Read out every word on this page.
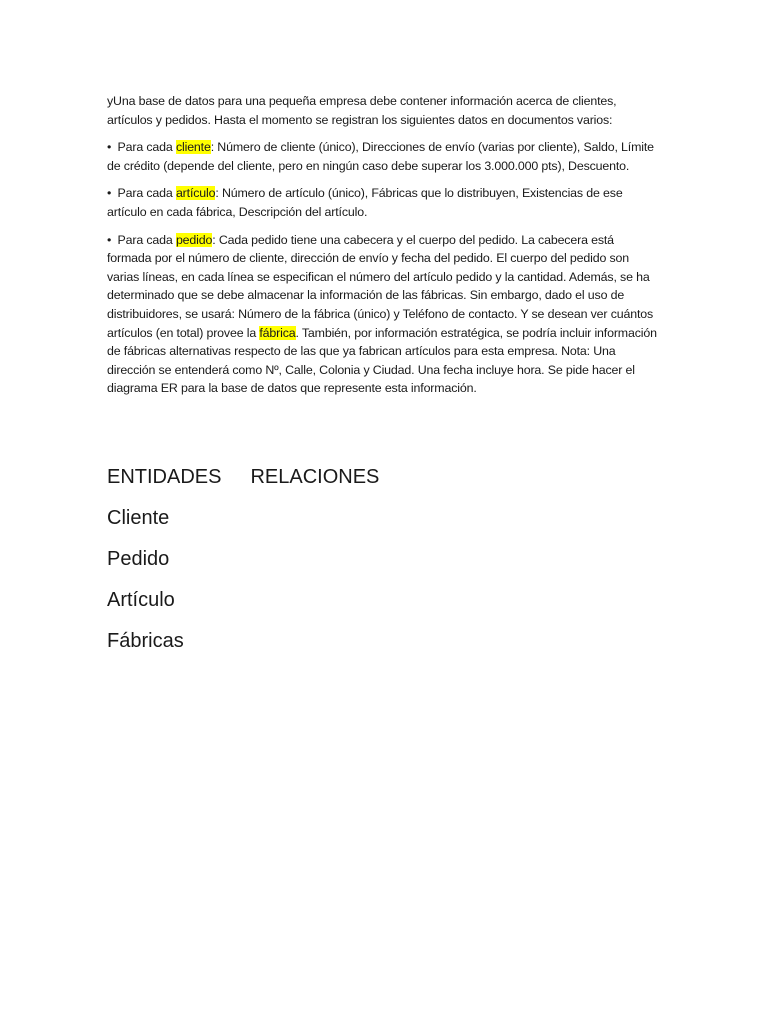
yUna base de datos para una pequeña empresa debe contener información acerca de clientes, artículos y pedidos. Hasta el momento se registran los siguientes datos en documentos varios:

• Para cada cliente: Número de cliente (único), Direcciones de envío (varias por cliente), Saldo, Límite de crédito (depende del cliente, pero en ningún caso debe superar los 3.000.000 pts), Descuento.

• Para cada artículo: Número de artículo (único), Fábricas que lo distribuyen, Existencias de ese artículo en cada fábrica, Descripción del artículo.

• Para cada pedido: Cada pedido tiene una cabecera y el cuerpo del pedido. La cabecera está formada por el número de cliente, dirección de envío y fecha del pedido. El cuerpo del pedido son varias líneas, en cada línea se especifican el número del artículo pedido y la cantidad. Además, se ha determinado que se debe almacenar la información de las fábricas. Sin embargo, dado el uso de distribuidores, se usará: Número de la fábrica (único) y Teléfono de contacto. Y se desean ver cuántos artículos (en total) provee la fábrica. También, por información estratégica, se podría incluir información de fábricas alternativas respecto de las que ya fabrican artículos para esta empresa. Nota: Una dirección se entenderá como Nº, Calle, Colonia y Ciudad. Una fecha incluye hora. Se pide hacer el diagrama ER para la base de datos que represente esta información.

ENTIDADES RELACIONES
Cliente
Pedido
Artículo
Fábricas
